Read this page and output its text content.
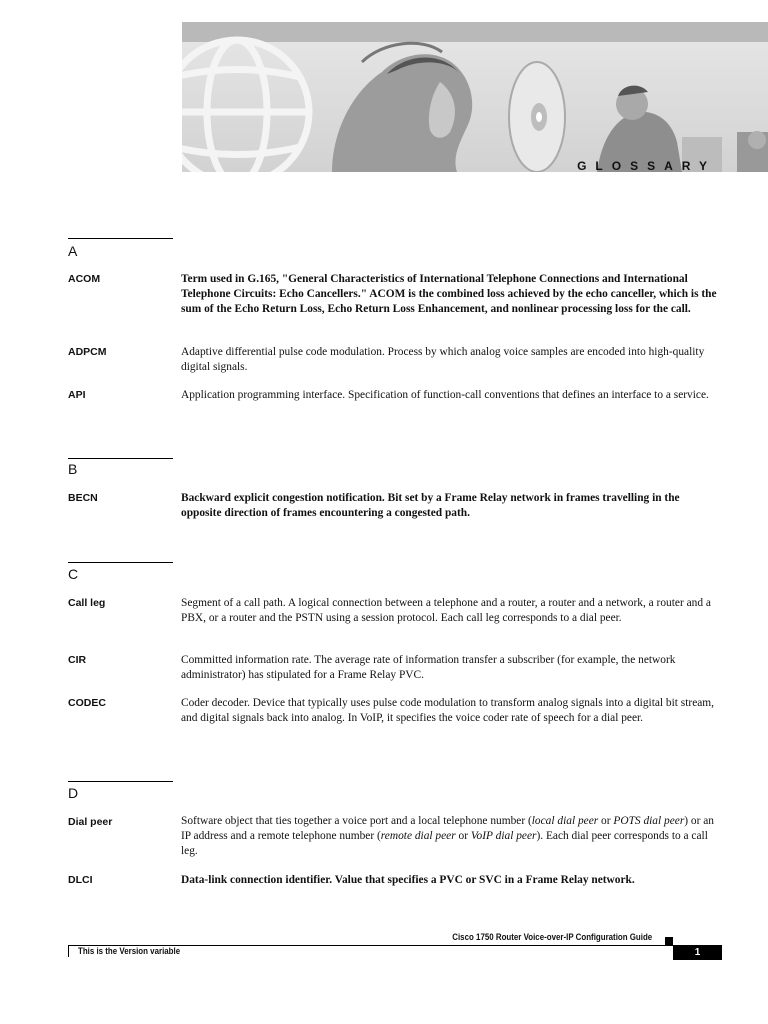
GLOSSARY
A
ACOM	Term used in G.165, "General Characteristics of International Telephone Connections and International Telephone Circuits: Echo Cancellers." ACOM is the combined loss achieved by the echo canceller, which is the sum of the Echo Return Loss, Echo Return Loss Enhancement, and nonlinear processing loss for the call.
ADPCM	Adaptive differential pulse code modulation. Process by which analog voice samples are encoded into high-quality digital signals.
API	Application programming interface. Specification of function-call conventions that defines an interface to a service.
B
BECN	Backward explicit congestion notification. Bit set by a Frame Relay network in frames travelling in the opposite direction of frames encountering a congested path.
C
Call leg	Segment of a call path. A logical connection between a telephone and a router, a router and a network, a router and a PBX, or a router and the PSTN using a session protocol. Each call leg corresponds to a dial peer.
CIR	Committed information rate. The average rate of information transfer a subscriber (for example, the network administrator) has stipulated for a Frame Relay PVC.
CODEC	Coder decoder. Device that typically uses pulse code modulation to transform analog signals into a digital bit stream, and digital signals back into analog. In VoIP, it specifies the voice coder rate of speech for a dial peer.
D
Dial peer	Software object that ties together a voice port and a local telephone number (local dial peer or POTS dial peer) or an IP address and a remote telephone number (remote dial peer or VoIP dial peer). Each dial peer corresponds to a call leg.
DLCI	Data-link connection identifier. Value that specifies a PVC or SVC in a Frame Relay network.
Cisco 1750 Router Voice-over-IP Configuration Guide
This is the Version variable	1
